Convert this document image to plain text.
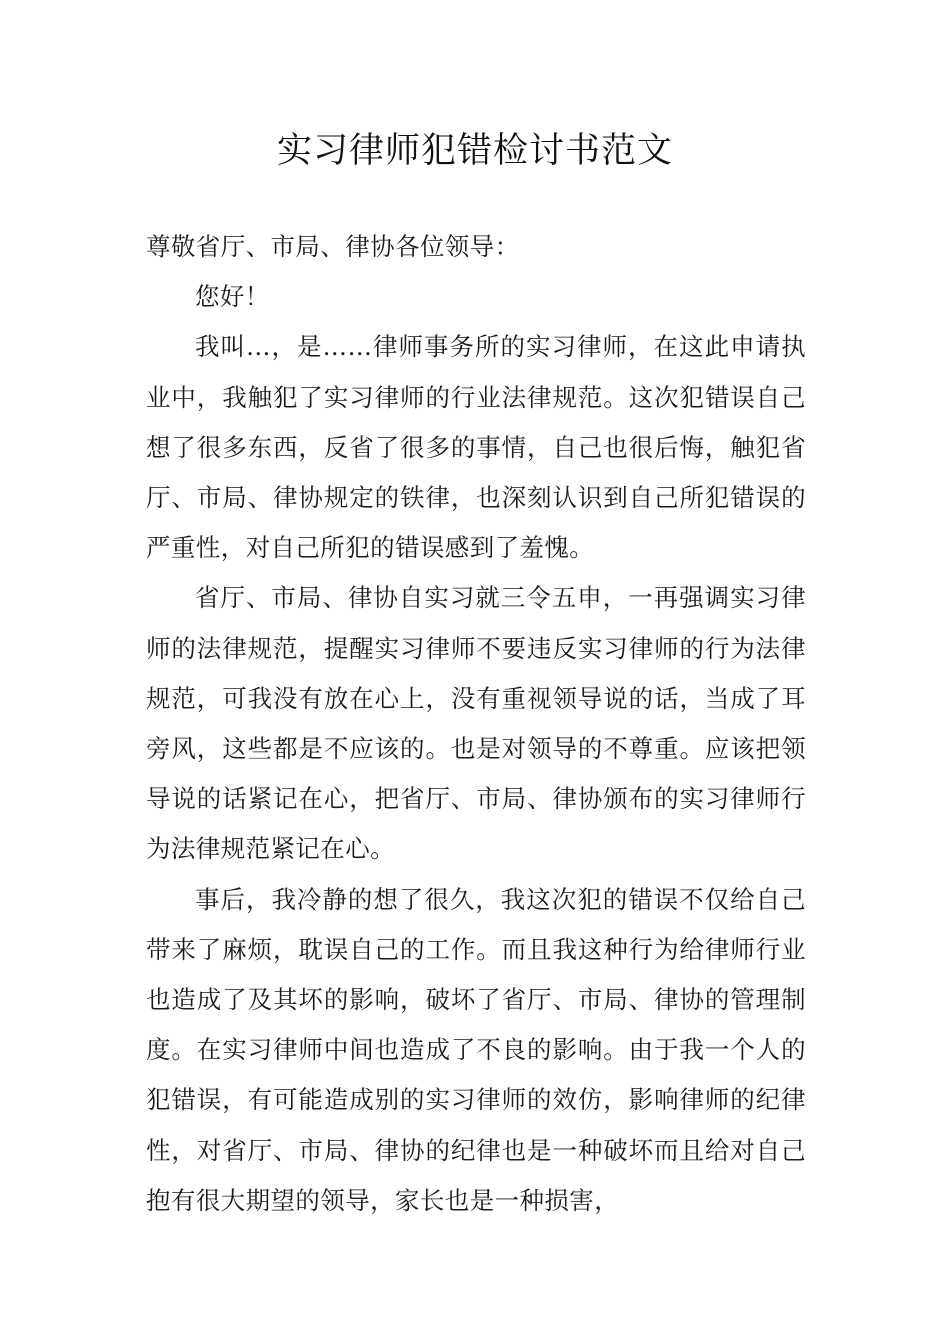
实习律师犯错检讨书范文

尊敬省厅、市局、律协各位领导：

您好！

我叫…，是……律师事务所的实习律师，在这此申请执业中，我触犯了实习律师的行业法律规范。这次犯错误自己想了很多东西，反省了很多的事情，自己也很后悔，触犯省厅、市局、律协规定的铁律，也深刻认识到自己所犯错误的严重性，对自己所犯的错误感到了羞愧。

省厅、市局、律协自实习就三令五申，一再强调实习律师的法律规范，提醒实习律师不要违反实习律师的行为法律规范，可我没有放在心上，没有重视领导说的话，当成了耳旁风，这些都是不应该的。也是对领导的不尊重。应该把领导说的话紧记在心，把省厅、市局、律协颁布的实习律师行为法律规范紧记在心。

事后，我冷静的想了很久，我这次犯的错误不仅给自己带来了麻烦，耽误自己的工作。而且我这种行为给律师行业也造成了及其坏的影响，破坏了省厅、市局、律协的管理制度。在实习律师中间也造成了不良的影响。由于我一个人的犯错误，有可能造成别的实习律师的效仿，影响律师的纪律性，对省厅、市局、律协的纪律也是一种破坏而且给对自己抱有很大期望的领导，家长也是一种损害，
